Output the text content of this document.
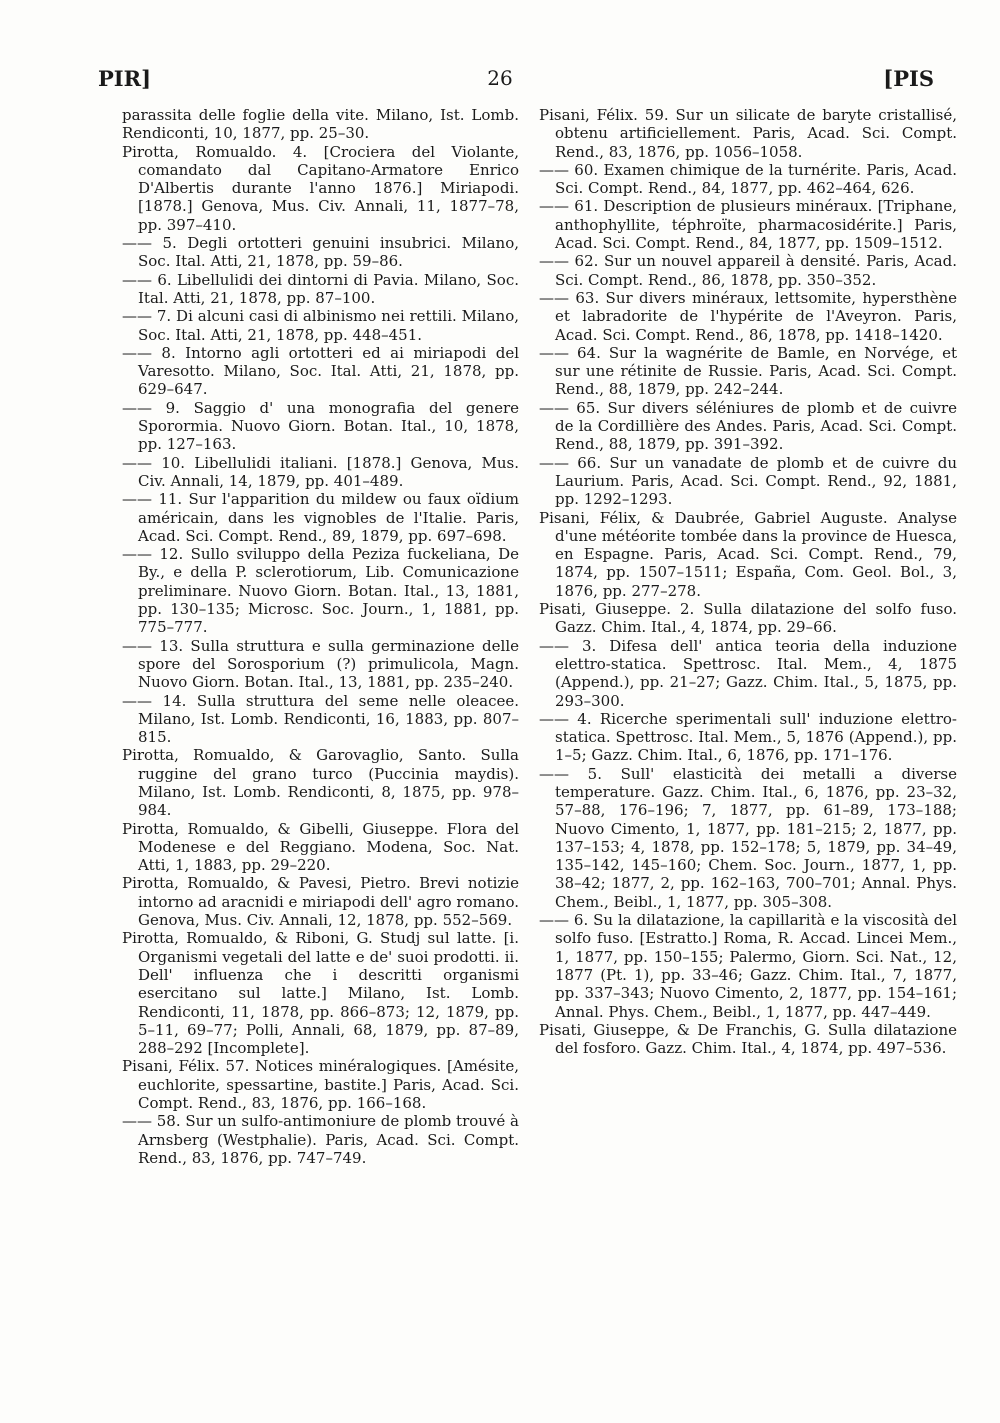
PIR]	26	[PIS

parassita delle foglie della vite. Milano, Ist. Lomb. Rendiconti, 10, 1877, pp. 25–30.

Pirotta, Romualdo. 4. [Crociera del Violante, comandato dal Capitano-Armatore Enrico D'Albertis durante l'anno 1876.] Miriapodi. [1878.] Genova, Mus. Civ. Annali, 11, 1877–78, pp. 397–410.

—— 5. Degli ortotteri genuini insubrici. Milano, Soc. Ital. Atti, 21, 1878, pp. 59–86.

—— 6. Libellulidi dei dintorni di Pavia. Milano, Soc. Ital. Atti, 21, 1878, pp. 87–100.

—— 7. Di alcuni casi di albinismo nei rettili. Milano, Soc. Ital. Atti, 21, 1878, pp. 448–451.

—— 8. Intorno agli ortotteri ed ai miriapodi del Varesotto. Milano, Soc. Ital. Atti, 21, 1878, pp. 629–647.

—— 9. Saggio d' una monografia del genere Sporormia. Nuovo Giorn. Botan. Ital., 10, 1878, pp. 127–163.

—— 10. Libellulidi italiani. [1878.] Genova, Mus. Civ. Annali, 14, 1879, pp. 401–489.

—— 11. Sur l'apparition du mildew ou faux oïdium américain, dans les vignobles de l'Italie. Paris, Acad. Sci. Compt. Rend., 89, 1879, pp. 697–698.

—— 12. Sullo sviluppo della Peziza fuckeliana, De By., e della P. sclerotiorum, Lib. Comunicazione preliminare. Nuovo Giorn. Botan. Ital., 13, 1881, pp. 130–135; Microsc. Soc. Journ., 1, 1881, pp. 775–777.

—— 13. Sulla struttura e sulla germinazione delle spore del Sorosporium (?) primulicola, Magn. Nuovo Giorn. Botan. Ital., 13, 1881, pp. 235–240.

—— 14. Sulla struttura del seme nelle oleacee. Milano, Ist. Lomb. Rendiconti, 16, 1883, pp. 807–815.

Pirotta, Romualdo, & Garovaglio, Santo. Sulla ruggine del grano turco (Puccinia maydis). Milano, Ist. Lomb. Rendiconti, 8, 1875, pp. 978–984.

Pirotta, Romualdo, & Gibelli, Giuseppe. Flora del Modenese e del Reggiano. Modena, Soc. Nat. Atti, 1, 1883, pp. 29–220.

Pirotta, Romualdo, & Pavesi, Pietro. Brevi notizie intorno ad aracnidi e miriapodi dell' agro romano. Genova, Mus. Civ. Annali, 12, 1878, pp. 552–569.

Pirotta, Romualdo, & Riboni, G. Studj sul latte. [i. Organismi vegetali del latte e de' suoi prodotti. ii. Dell' influenza che i descritti organismi esercitano sul latte.] Milano, Ist. Lomb. Rendiconti, 11, 1878, pp. 866–873; 12, 1879, pp. 5–11, 69–77; Polli, Annali, 68, 1879, pp. 87–89, 288–292 [Incomplete].

Pisani, Félix. 57. Notices minéralogiques. [Amésite, euchlorite, spessartine, bastite.] Paris, Acad. Sci. Compt. Rend., 83, 1876, pp. 166–168.

—— 58. Sur un sulfo-antimoniure de plomb trouvé à Arnsberg (Westphalie). Paris, Acad. Sci. Compt. Rend., 83, 1876, pp. 747–749.

Pisani, Félix. 59. Sur un silicate de baryte cristallisé, obtenu artificiellement. Paris, Acad. Sci. Compt. Rend., 83, 1876, pp. 1056–1058.

—— 60. Examen chimique de la turnérite. Paris, Acad. Sci. Compt. Rend., 84, 1877, pp. 462–464, 626.

—— 61. Description de plusieurs minéraux. [Triphane, anthophyllite, téphroïte, pharmacosidérite.] Paris, Acad. Sci. Compt. Rend., 84, 1877, pp. 1509–1512.

—— 62. Sur un nouvel appareil à densité. Paris, Acad. Sci. Compt. Rend., 86, 1878, pp. 350–352.

—— 63. Sur divers minéraux, lettsomite, hypersthène et labradorite de l'hypérite de l'Aveyron. Paris, Acad. Sci. Compt. Rend., 86, 1878, pp. 1418–1420.

—— 64. Sur la wagnérite de Bamle, en Norvége, et sur une rétinite de Russie. Paris, Acad. Sci. Compt. Rend., 88, 1879, pp. 242–244.

—— 65. Sur divers séléniures de plomb et de cuivre de la Cordillière des Andes. Paris, Acad. Sci. Compt. Rend., 88, 1879, pp. 391–392.

—— 66. Sur un vanadate de plomb et de cuivre du Laurium. Paris, Acad. Sci. Compt. Rend., 92, 1881, pp. 1292–1293.

Pisani, Félix, & Daubrée, Gabriel Auguste. Analyse d'une météorite tombée dans la province de Huesca, en Espagne. Paris, Acad. Sci. Compt. Rend., 79, 1874, pp. 1507–1511; España, Com. Geol. Bol., 3, 1876, pp. 277–278.

Pisati, Giuseppe. 2. Sulla dilatazione del solfo fuso. Gazz. Chim. Ital., 4, 1874, pp. 29–66.

—— 3. Difesa dell' antica teoria della induzione elettro-statica. Spettrosc. Ital. Mem., 4, 1875 (Append.), pp. 21–27; Gazz. Chim. Ital., 5, 1875, pp. 293–300.

—— 4. Ricerche sperimentali sull' induzione elettro-statica. Spettrosc. Ital. Mem., 5, 1876 (Append.), pp. 1–5; Gazz. Chim. Ital., 6, 1876, pp. 171–176.

—— 5. Sull' elasticità dei metalli a diverse temperature. Gazz. Chim. Ital., 6, 1876, pp. 23–32, 57–88, 176–196; 7, 1877, pp. 61–89, 173–188; Nuovo Cimento, 1, 1877, pp. 181–215; 2, 1877, pp. 137–153; 4, 1878, pp. 152–178; 5, 1879, pp. 34–49, 135–142, 145–160; Chem. Soc. Journ., 1877, 1, pp. 38–42; 1877, 2, pp. 162–163, 700–701; Annal. Phys. Chem., Beibl., 1, 1877, pp. 305–308.

—— 6. Su la dilatazione, la capillarità e la viscosità del solfo fuso. [Estratto.] Roma, R. Accad. Lincei Mem., 1, 1877, pp. 150–155; Palermo, Giorn. Sci. Nat., 12, 1877 (Pt. 1), pp. 33–46; Gazz. Chim. Ital., 7, 1877, pp. 337–343; Nuovo Cimento, 2, 1877, pp. 154–161; Annal. Phys. Chem., Beibl., 1, 1877, pp. 447–449.

Pisati, Giuseppe, & De Franchis, G. Sulla dilatazione del fosforo. Gazz. Chim. Ital., 4, 1874, pp. 497–536.
